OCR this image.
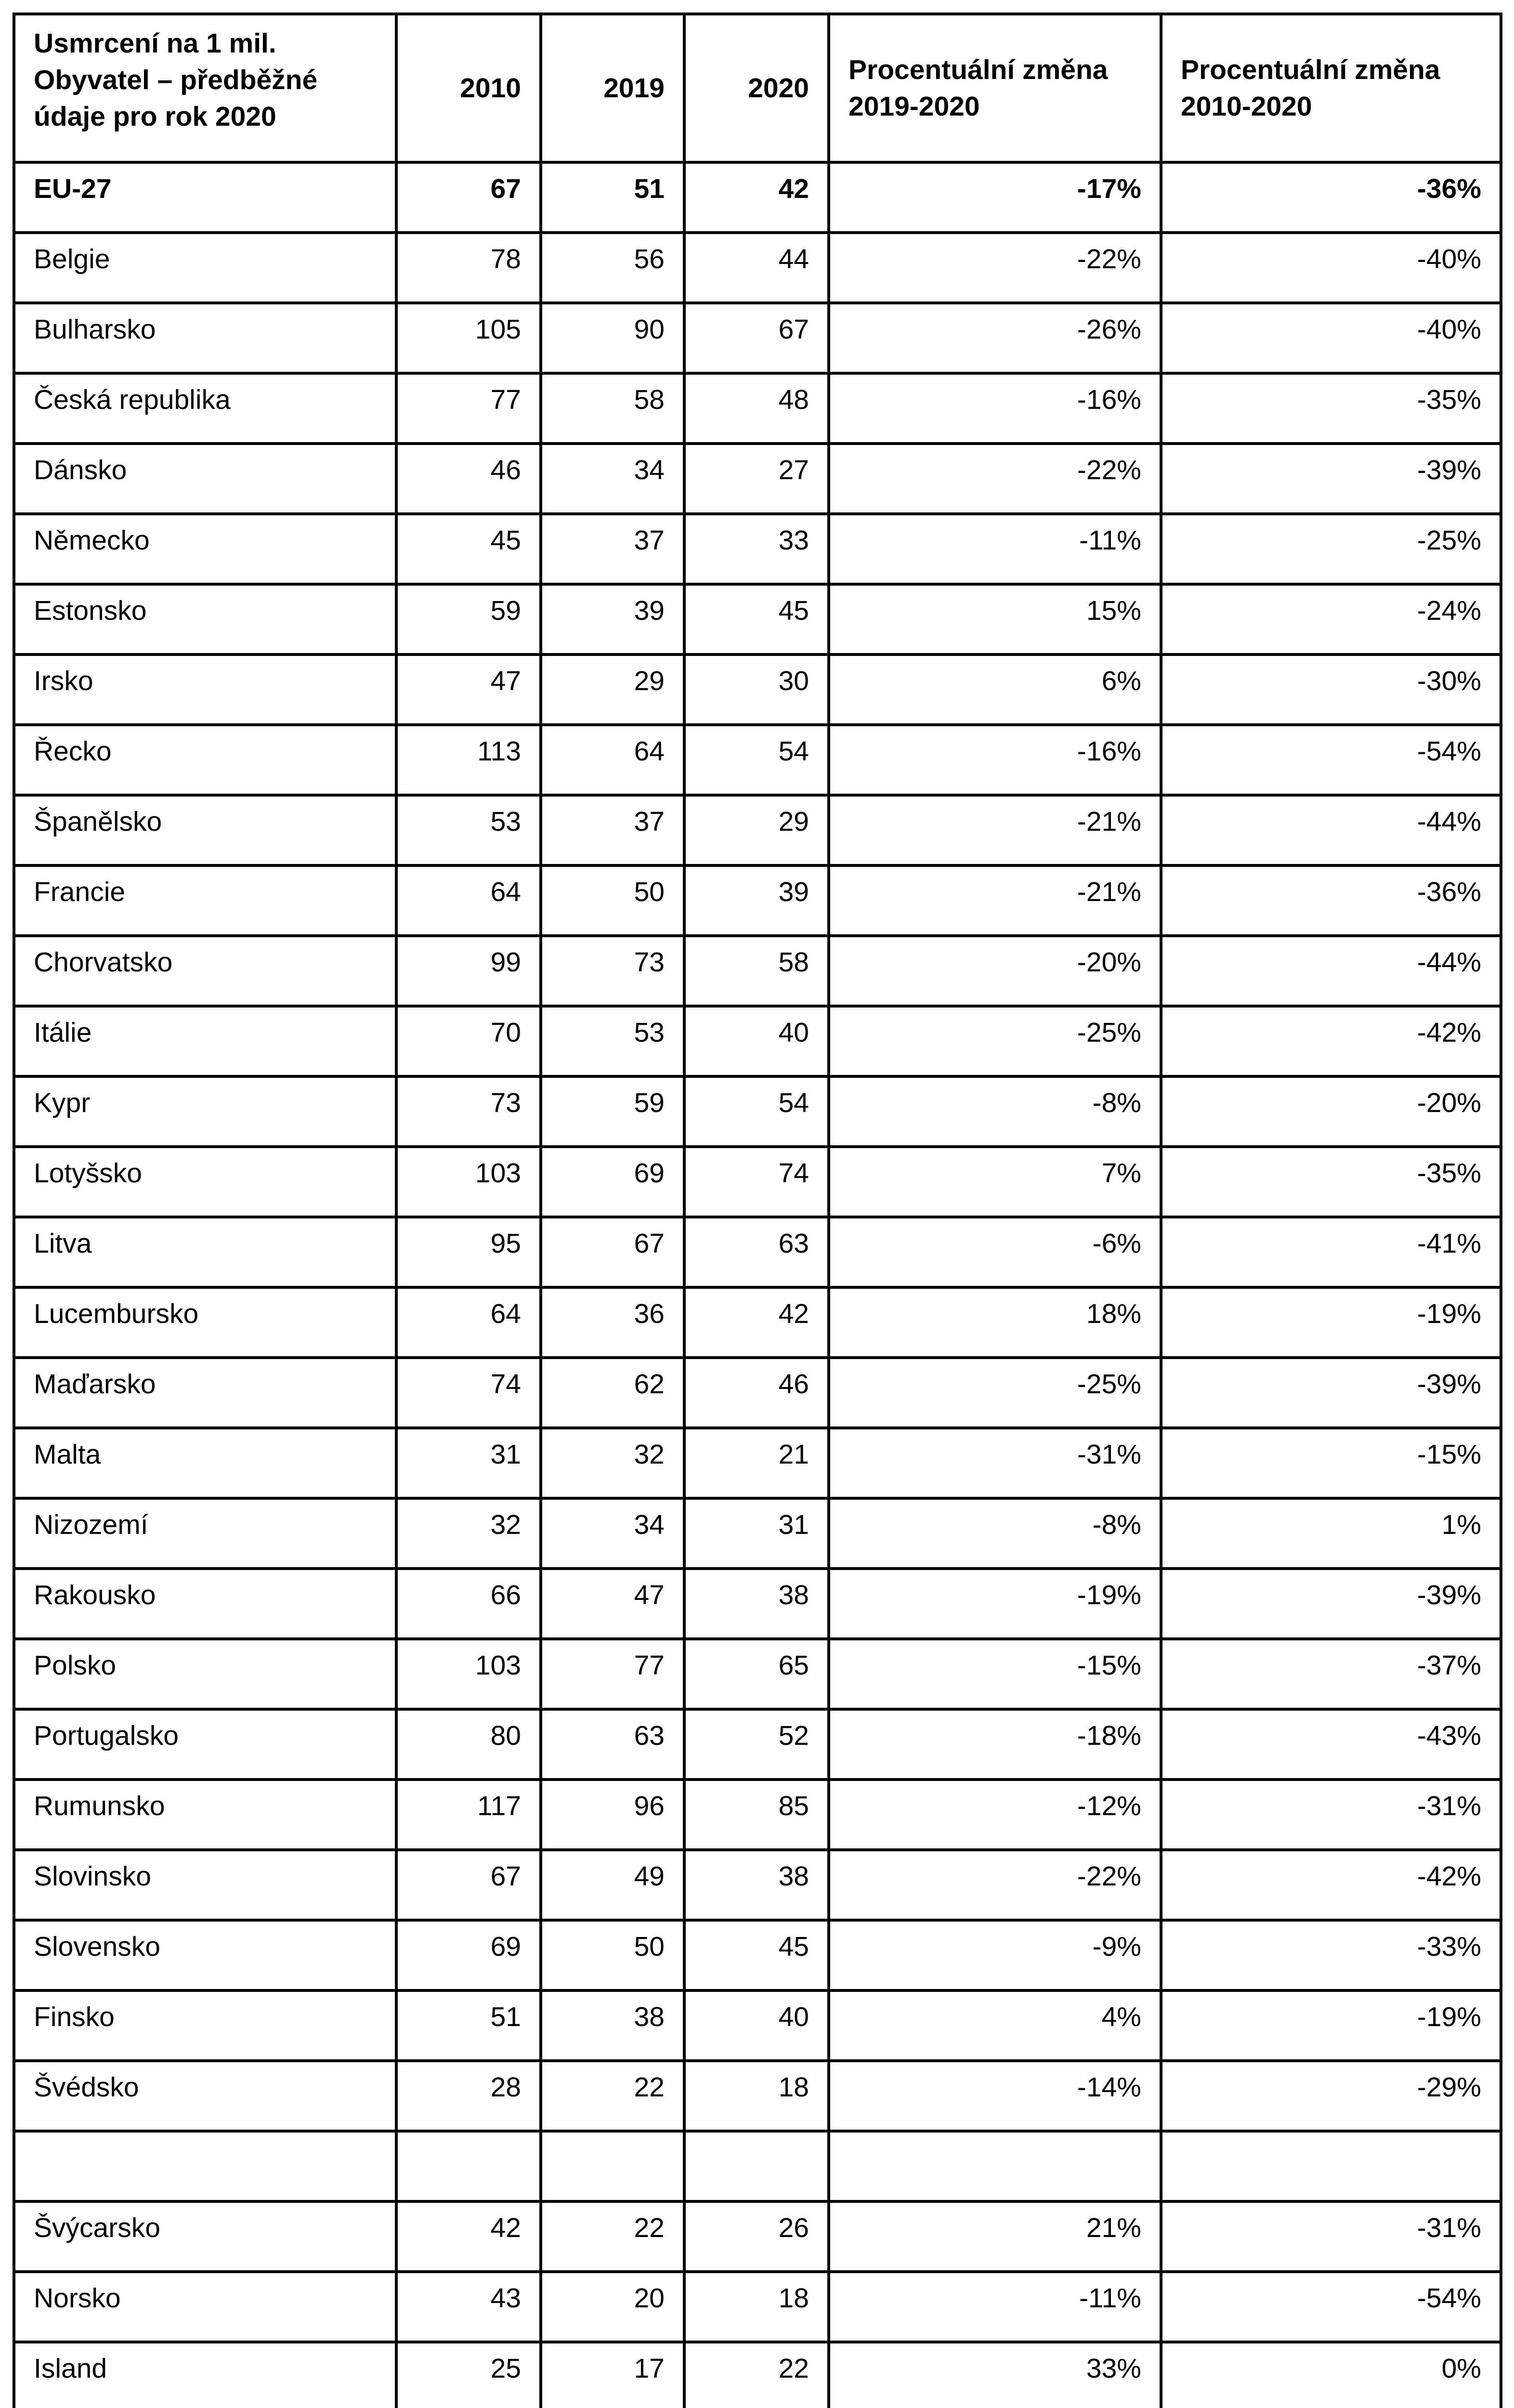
Usmrcení na 1 mil. Obyvatel – předběžné údaje pro rok 2020	2010	2019	2020	Procentuální změna 2019-2020	Procentuální změna 2010-2020
EU-27	67	51	42	-17%	-36%
Belgie	78	56	44	-22%	-40%
Bulharsko	105	90	67	-26%	-40%
Česká republika	77	58	48	-16%	-35%
Dánsko	46	34	27	-22%	-39%
Německo	45	37	33	-11%	-25%
Estonsko	59	39	45	15%	-24%
Irsko	47	29	30	6%	-30%
Řecko	113	64	54	-16%	-54%
Španělsko	53	37	29	-21%	-44%
Francie	64	50	39	-21%	-36%
Chorvatsko	99	73	58	-20%	-44%
Itálie	70	53	40	-25%	-42%
Kypr	73	59	54	-8%	-20%
Lotyšsko	103	69	74	7%	-35%
Litva	95	67	63	-6%	-41%
Lucembursko	64	36	42	18%	-19%
Maďarsko	74	62	46	-25%	-39%
Malta	31	32	21	-31%	-15%
Nizozemí	32	34	31	-8%	1%
Rakousko	66	47	38	-19%	-39%
Polsko	103	77	65	-15%	-37%
Portugalsko	80	63	52	-18%	-43%
Rumunsko	117	96	85	-12%	-31%
Slovinsko	67	49	38	-22%	-42%
Slovensko	69	50	45	-9%	-33%
Finsko	51	38	40	4%	-19%
Švédsko	28	22	18	-14%	-29%

Švýcarsko	42	22	26	21%	-31%
Norsko	43	20	18	-11%	-54%
Island	25	17	22	33%	0%
